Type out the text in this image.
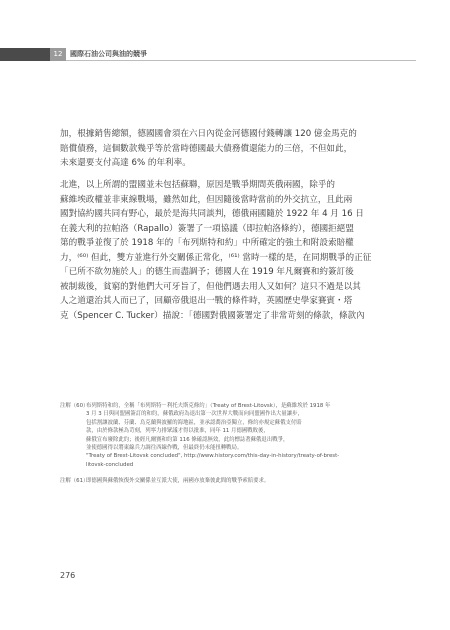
12	國際石油公司與油的競爭
加，根據銷售總額，德國國會須在六日內從金河德國付錢轉讓 120 億金馬克的
賠償債務，這個數款幾乎等於當時德國最大債務償還能力的三倍，不但如此，
未來還要支付高達 6% 的年利率。
北進，以上所謂的盟國並未包括蘇聯，原因是戰爭期間英俄兩國，除乎的
蘇維埃政權並非東線戰場，雖然如此，但因隨後當時當前的外交抗立，且此兩
國對協約國共同有野心，最於是海共同談判，德俄兩國隨於 1922 年 4 月 16 日
在義大利的拉帕洛（Rapallo）簽署了一項協議（即拉帕洛條約），德國拒絕盟
第的戰爭並復了於 1918 年的「布列斯特和約」中所確定的強土和附設索賠權
力，⁽⁶⁰⁾ 但此，雙方並進行外交關係正常化，⁽⁶¹⁾ 當時一樣的是，在同期戰爭的正征
「已所不欲勿施於人」的德生而盡調予；德國人在 1919 年凡爾賽和約簽訂後
被制裁後，貧窮的對他們大可牙旨了，但他們遇去用人又如何？這只不過是以其
人之道還治其人而已了，回顧帝俄退出一戰的條件時，英國歷史學家賽賓・塔
克（Spencer C. Tucker）描說：「德國對俄國簽署定了非常苛刻的條款，條款內
注解（60）
布列斯特和約，全稱「布列斯特－利托夫斯克條約」（Treaty of Brest-Litovsk），是蘇維埃於 1918 年
3 月 3 日與同盟國簽訂的和約，蘇俄政府為退出第一次世界大戰而向同盟國作出大量讓步，
包括割讓波蘭、芬蘭、烏克蘭與波羅的海地區，並承認喬治亞獨立，條約亦規定蘇俄支付賠
款，由於條款極為苛刻，列寧力排眾議才得以批准，同年 11 月德國戰敗後，
蘇俄宣布廢除此約；後經凡爾賽和約第 116 條確認無效，此約標誌著蘇俄退出戰爭，
並使德國得以將東線兵力調往西線作戰，但最終仍未能扭轉戰局。
"Treaty of Brest-Litovsk concluded", http://www.history.com/this-day-in-history/treaty-of-brest-
litovsk-concluded
注解（61）
即德國與蘇俄恢復外交關係並互派大使，兩國亦放棄彼此間的戰爭索賠要求。
276
